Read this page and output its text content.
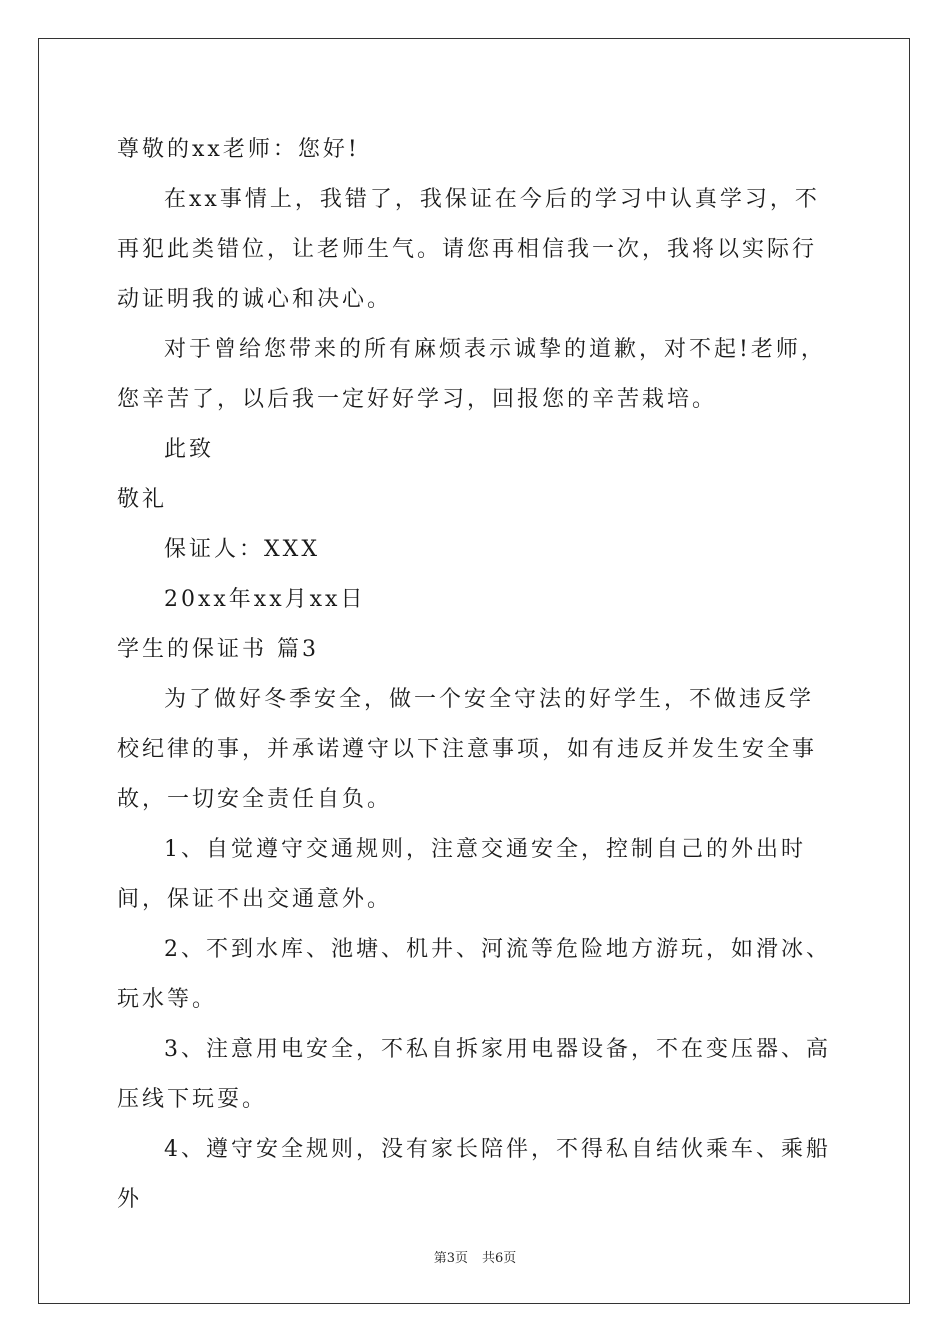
尊敬的xx老师：您好!

在xx事情上，我错了，我保证在今后的学习中认真学习，不再犯此类错位，让老师生气。请您再相信我一次，我将以实际行动证明我的诚心和决心。

对于曾给您带来的所有麻烦表示诚挚的道歉，对不起!老师，您辛苦了，以后我一定好好学习，回报您的辛苦栽培。

此致

敬礼

保证人：XXX

20xx年xx月xx日

学生的保证书 篇3

为了做好冬季安全，做一个安全守法的好学生，不做违反学校纪律的事，并承诺遵守以下注意事项，如有违反并发生安全事故，一切安全责任自负。

1、自觉遵守交通规则，注意交通安全，控制自己的外出时间，保证不出交通意外。

2、不到水库、池塘、机井、河流等危险地方游玩，如滑冰、玩水等。

3、注意用电安全，不私自拆家用电器设备，不在变压器、高压线下玩耍。

4、遵守安全规则，没有家长陪伴，不得私自结伙乘车、乘船外

第3页 共6页
